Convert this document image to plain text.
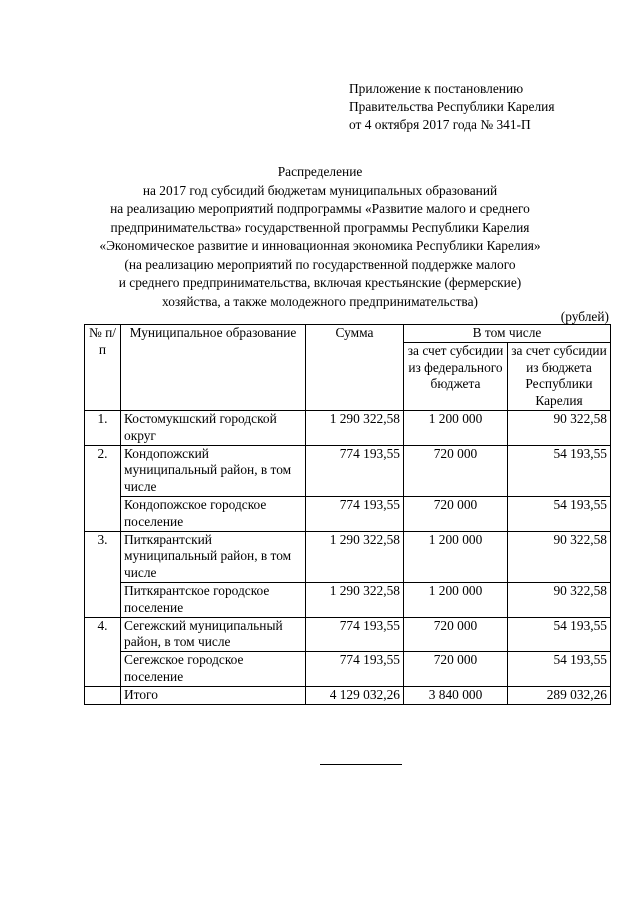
Приложение к постановлению
Правительства Республики Карелия
от 4 октября 2017 года № 341-П
Распределение
на 2017 год субсидий бюджетам муниципальных образований
на реализацию мероприятий подпрограммы «Развитие малого и среднего
предпринимательства» государственной программы Республики Карелия
«Экономическое развитие и инновационная экономика Республики Карелия»
(на реализацию мероприятий по государственной поддержке малого
и среднего предпринимательства, включая крестьянские (фермерские)
хозяйства, а также молодежного предпринимательства)
(рублей)
№ п/п	Муниципальное образование	Сумма	В том числе	
			за счет субсидии из федерального бюджета	за счет субсидии из бюджета Республики Карелия
1.	Костомукшский городской округ	1 290 322,58	1 200 000	90 322,58
2.	Кондопожский муниципальный район, в том числе	774 193,55	720 000	54 193,55
	Кондопожское городское поселение	774 193,55	720 000	54 193,55
3.	Питкярантский муниципальный район, в том числе	1 290 322,58	1 200 000	90 322,58
	Питкярантское городское поселение	1 290 322,58	1 200 000	90 322,58
4.	Сегежский муниципальный район, в том числе	774 193,55	720 000	54 193,55
	Сегежское городское поселение	774 193,55	720 000	54 193,55
	Итого	4 129 032,26	3 840 000	289 032,26
